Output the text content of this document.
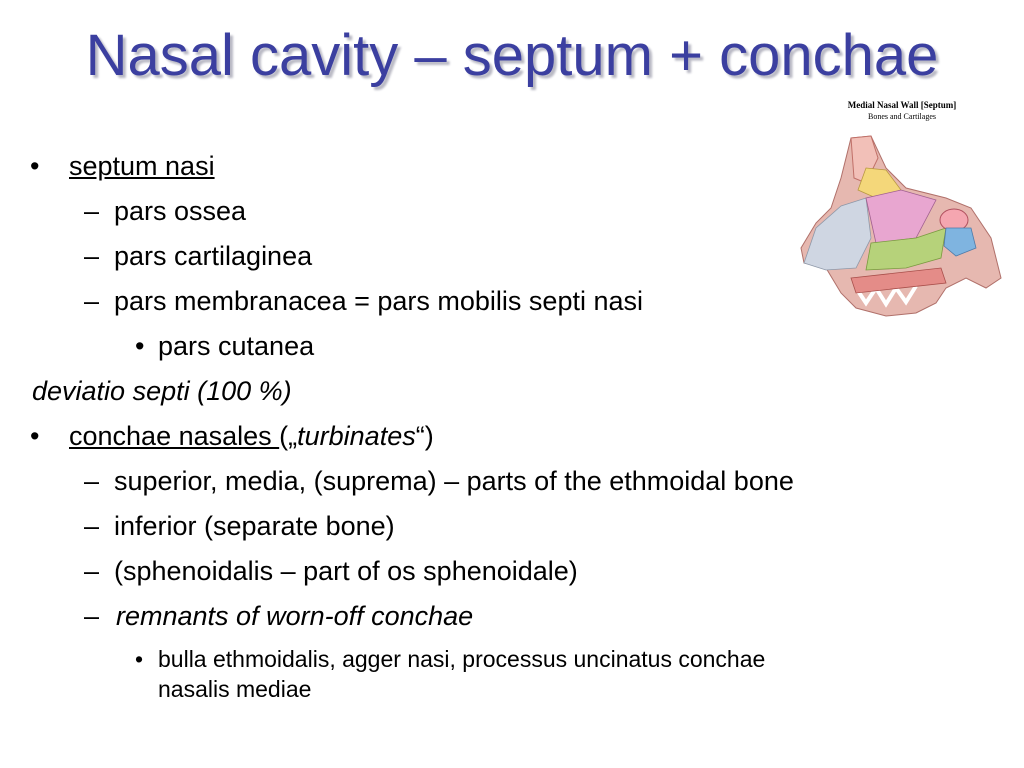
Nasal cavity – septum + conchae
Medial Nasal Wall [Septum]
Bones and Cartilages
• septum nasi
– pars ossea
– pars cartilaginea
– pars membranacea = pars mobilis septi nasi
• pars cutanea
deviatio septi (100 %)
• conchae nasales („turbinates“)
– superior, media, (suprema) – parts of the ethmoidal bone
– inferior (separate bone)
– (sphenoidalis – part of os sphenoidale)
– remnants of worn-off conchae
• bulla ethmoidalis, agger nasi, processus uncinatus conchae
nasalis mediae
